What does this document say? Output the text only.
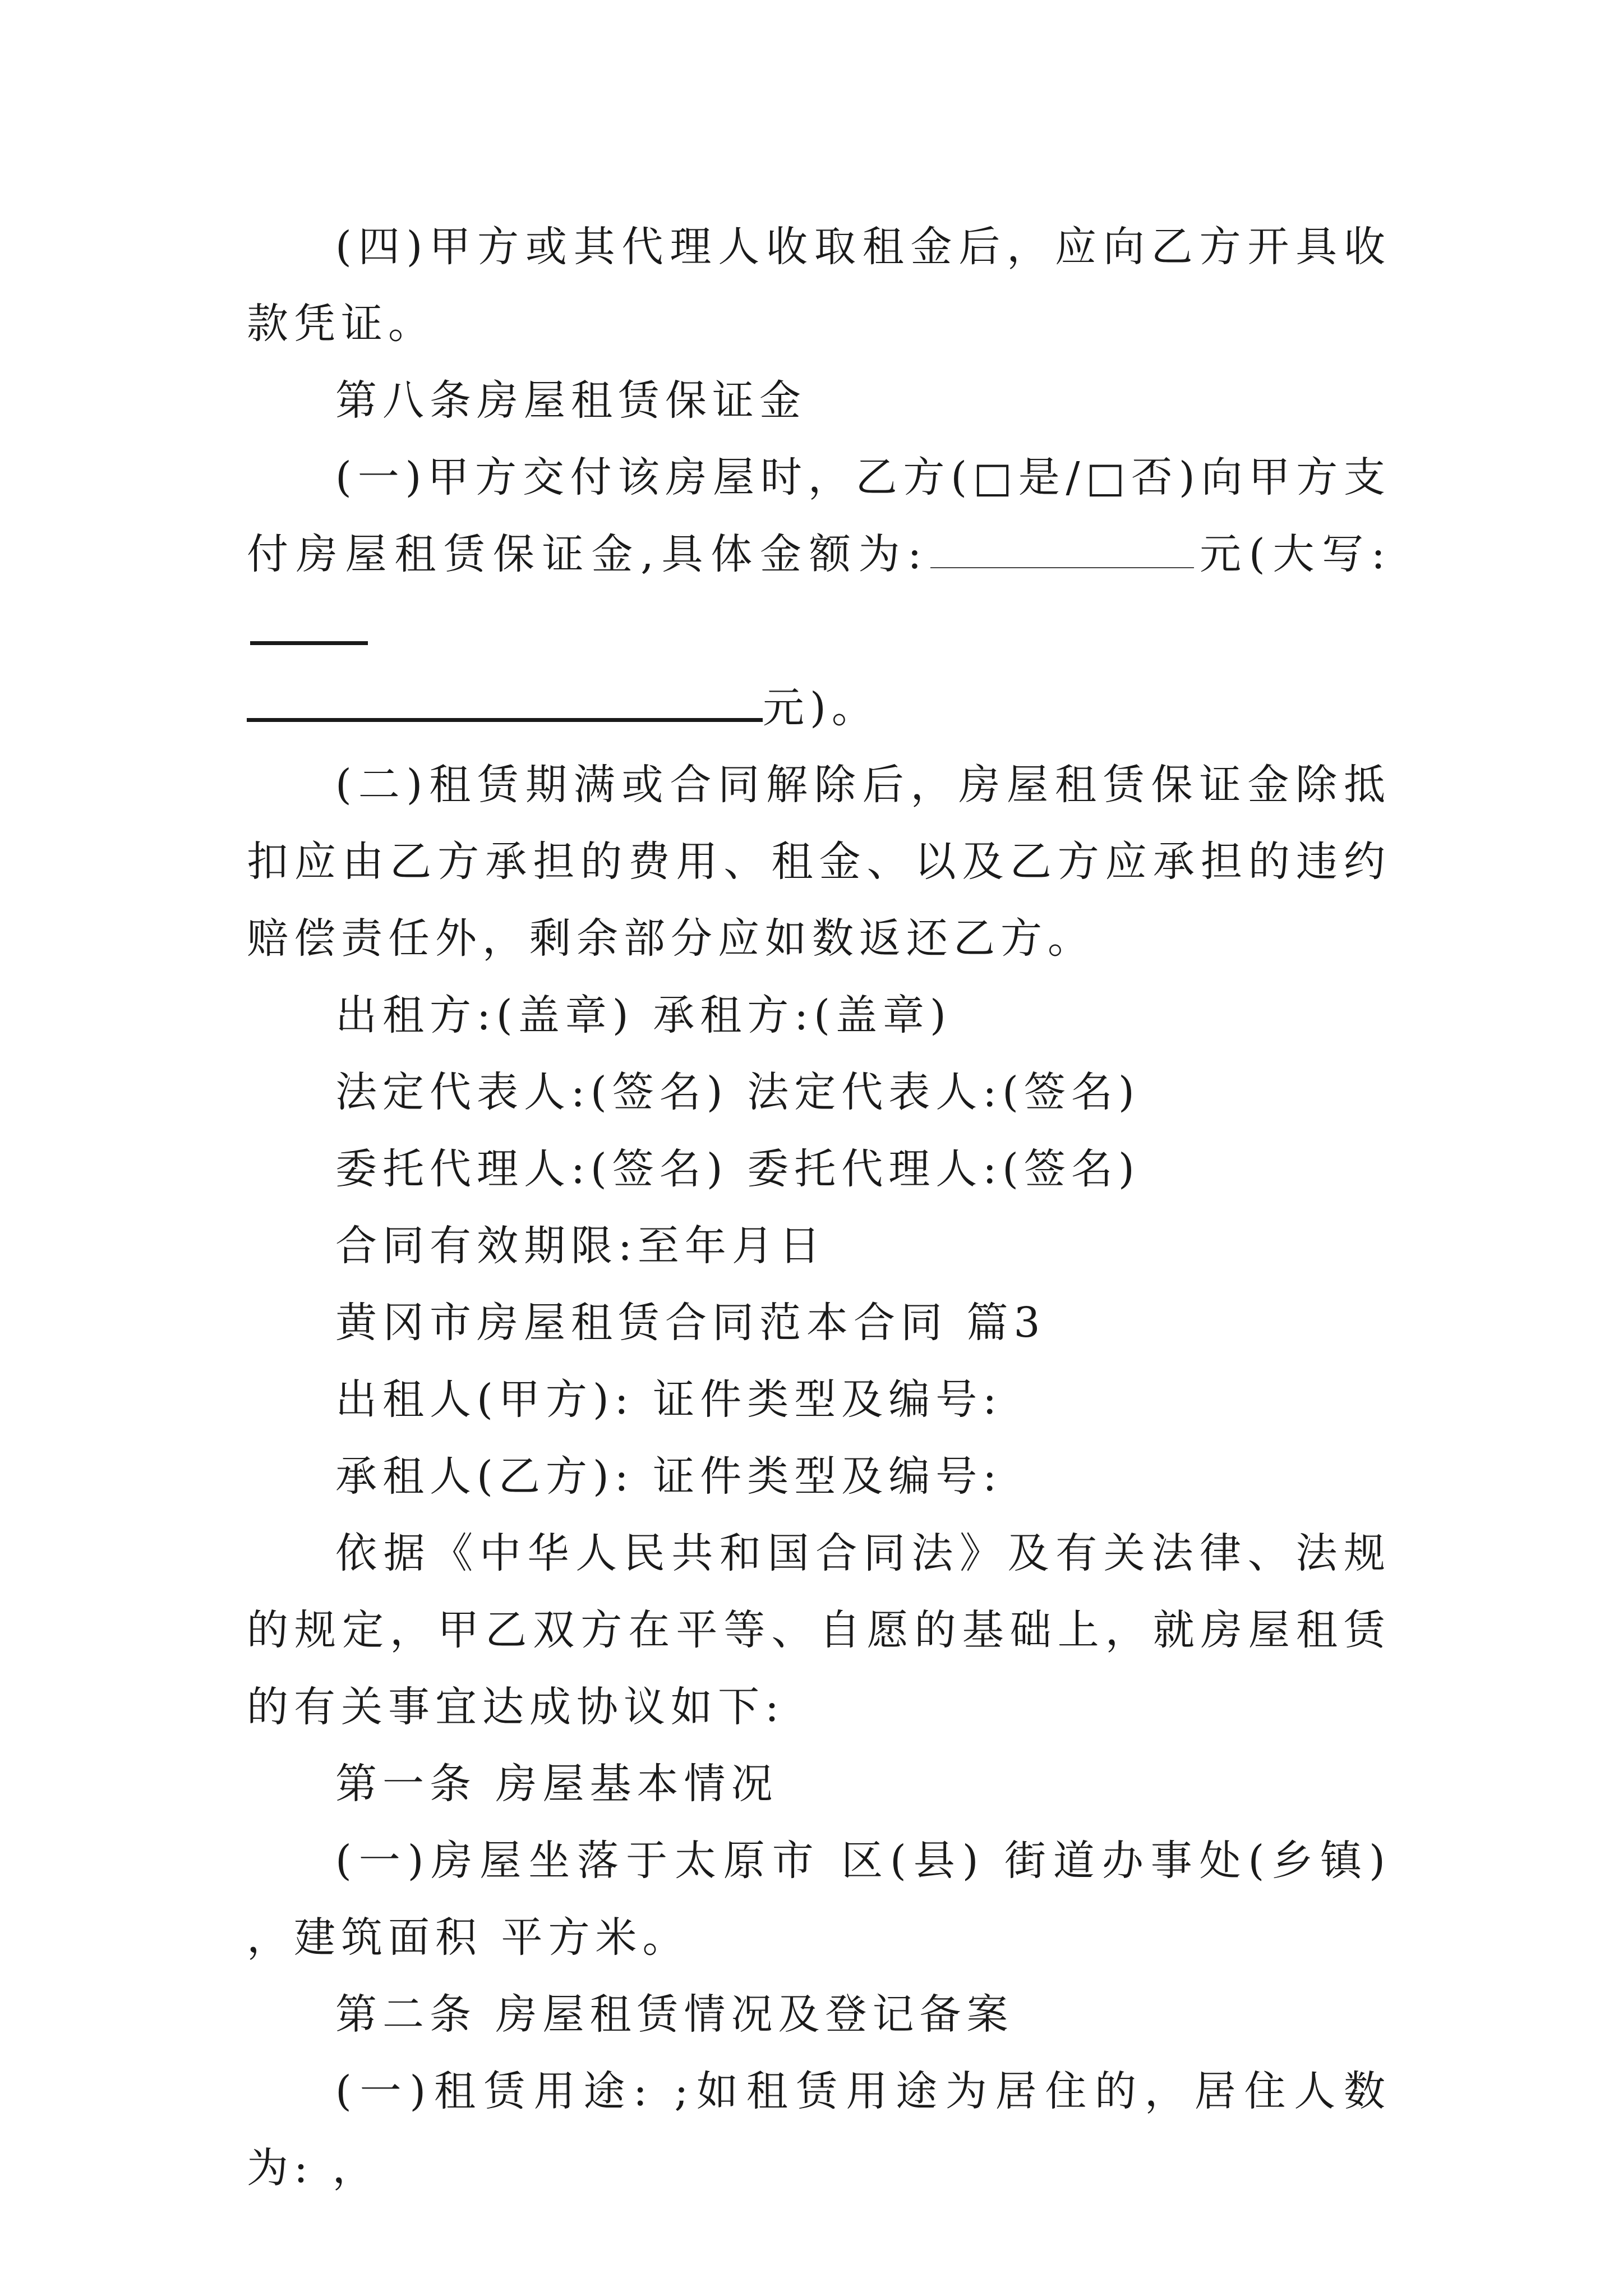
(四)甲方或其代理人收取租金后，应向乙方开具收款凭证。

第八条房屋租赁保证金

(一)甲方交付该房屋时，乙方(□是/□否)向甲方支付房屋租赁保证金,具体金额为:	元(大写:

元)。

(二)租赁期满或合同解除后，房屋租赁保证金除抵扣应由乙方承担的费用、租金、以及乙方应承担的违约赔偿责任外，剩余部分应如数返还乙方。

出租方:(盖章) 承租方:(盖章)

法定代表人:(签名) 法定代表人:(签名)

委托代理人:(签名) 委托代理人:(签名)

合同有效期限:至年月日

黄冈市房屋租赁合同范本合同 篇3

出租人(甲方): 证件类型及编号:

承租人(乙方): 证件类型及编号:

依据《中华人民共和国合同法》及有关法律、法规的规定，甲乙双方在平等、自愿的基础上，就房屋租赁的有关事宜达成协议如下:

第一条 房屋基本情况

(一)房屋坐落于太原市 区(县) 街道办事处(乡镇) ，建筑面积 平方米。

第二条 房屋租赁情况及登记备案

(一)租赁用途: ;如租赁用途为居住的，居住人数为: ，
